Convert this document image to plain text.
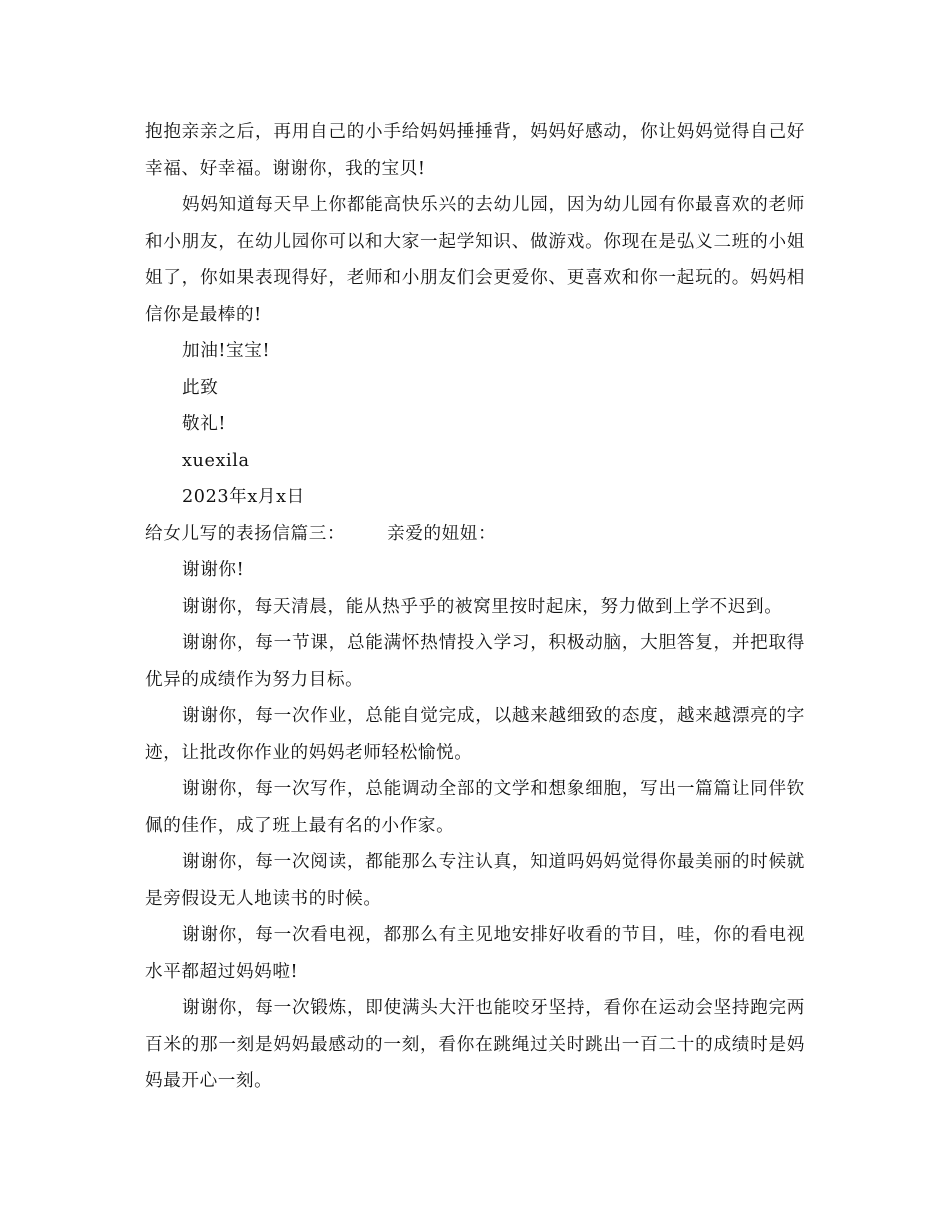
抱抱亲亲之后，再用自己的小手给妈妈捶捶背，妈妈好感动，你让妈妈觉得自己好幸福、好幸福。谢谢你，我的宝贝!

妈妈知道每天早上你都能高快乐兴的去幼儿园，因为幼儿园有你最喜欢的老师和小朋友，在幼儿园你可以和大家一起学知识、做游戏。你现在是弘义二班的小姐姐了，你如果表现得好，老师和小朋友们会更爱你、更喜欢和你一起玩的。妈妈相信你是最棒的!

加油!宝宝!

此致

敬礼!

xuexila

2023年x月x日

给女儿写的表扬信篇三： 亲爱的妞妞：

谢谢你!

谢谢你，每天清晨，能从热乎乎的被窝里按时起床，努力做到上学不迟到。

谢谢你，每一节课，总能满怀热情投入学习，积极动脑，大胆答复，并把取得优异的成绩作为努力目标。

谢谢你，每一次作业，总能自觉完成，以越来越细致的态度，越来越漂亮的字迹，让批改你作业的妈妈老师轻松愉悦。

谢谢你，每一次写作，总能调动全部的文学和想象细胞，写出一篇篇让同伴钦佩的佳作，成了班上最有名的小作家。

谢谢你，每一次阅读，都能那么专注认真，知道吗妈妈觉得你最美丽的时候就是旁假设无人地读书的时候。

谢谢你，每一次看电视，都那么有主见地安排好收看的节目，哇，你的看电视水平都超过妈妈啦!

谢谢你，每一次锻炼，即使满头大汗也能咬牙坚持，看你在运动会坚持跑完两百米的那一刻是妈妈最感动的一刻，看你在跳绳过关时跳出一百二十的成绩时是妈妈最开心一刻。
